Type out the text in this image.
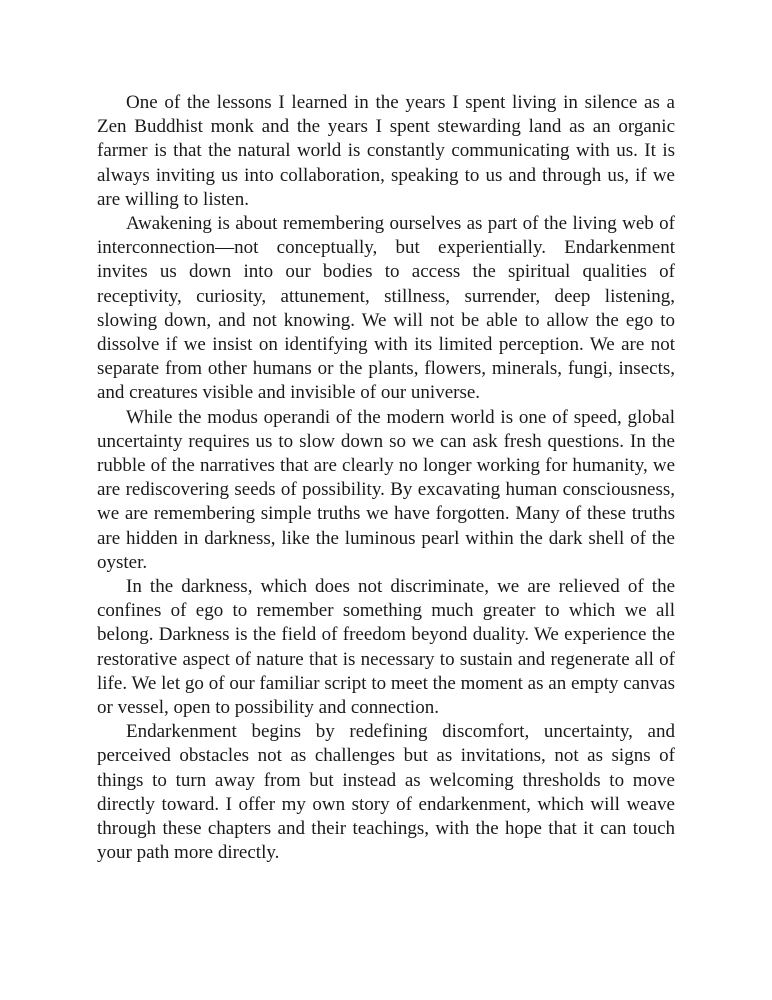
One of the lessons I learned in the years I spent living in silence as a Zen Buddhist monk and the years I spent stewarding land as an organic farmer is that the natural world is constantly communicating with us. It is always inviting us into collaboration, speaking to us and through us, if we are willing to listen.

Awakening is about remembering ourselves as part of the living web of interconnection—not conceptually, but experientially. Endarkenment invites us down into our bodies to access the spiritual qualities of receptivity, curiosity, attunement, stillness, surrender, deep listening, slowing down, and not knowing. We will not be able to allow the ego to dissolve if we insist on identifying with its limited perception. We are not separate from other humans or the plants, flowers, minerals, fungi, insects, and creatures visible and invisible of our universe.

While the modus operandi of the modern world is one of speed, global uncertainty requires us to slow down so we can ask fresh questions. In the rubble of the narratives that are clearly no longer working for humanity, we are rediscovering seeds of possibility. By excavating human consciousness, we are remembering simple truths we have forgotten. Many of these truths are hidden in darkness, like the luminous pearl within the dark shell of the oyster.

In the darkness, which does not discriminate, we are relieved of the confines of ego to remember something much greater to which we all belong. Darkness is the field of freedom beyond duality. We experience the restorative aspect of nature that is necessary to sustain and regenerate all of life. We let go of our familiar script to meet the moment as an empty canvas or vessel, open to possibility and connection.

Endarkenment begins by redefining discomfort, uncertainty, and perceived obstacles not as challenges but as invitations, not as signs of things to turn away from but instead as welcoming thresholds to move directly toward. I offer my own story of endarkenment, which will weave through these chapters and their teachings, with the hope that it can touch your path more directly.
